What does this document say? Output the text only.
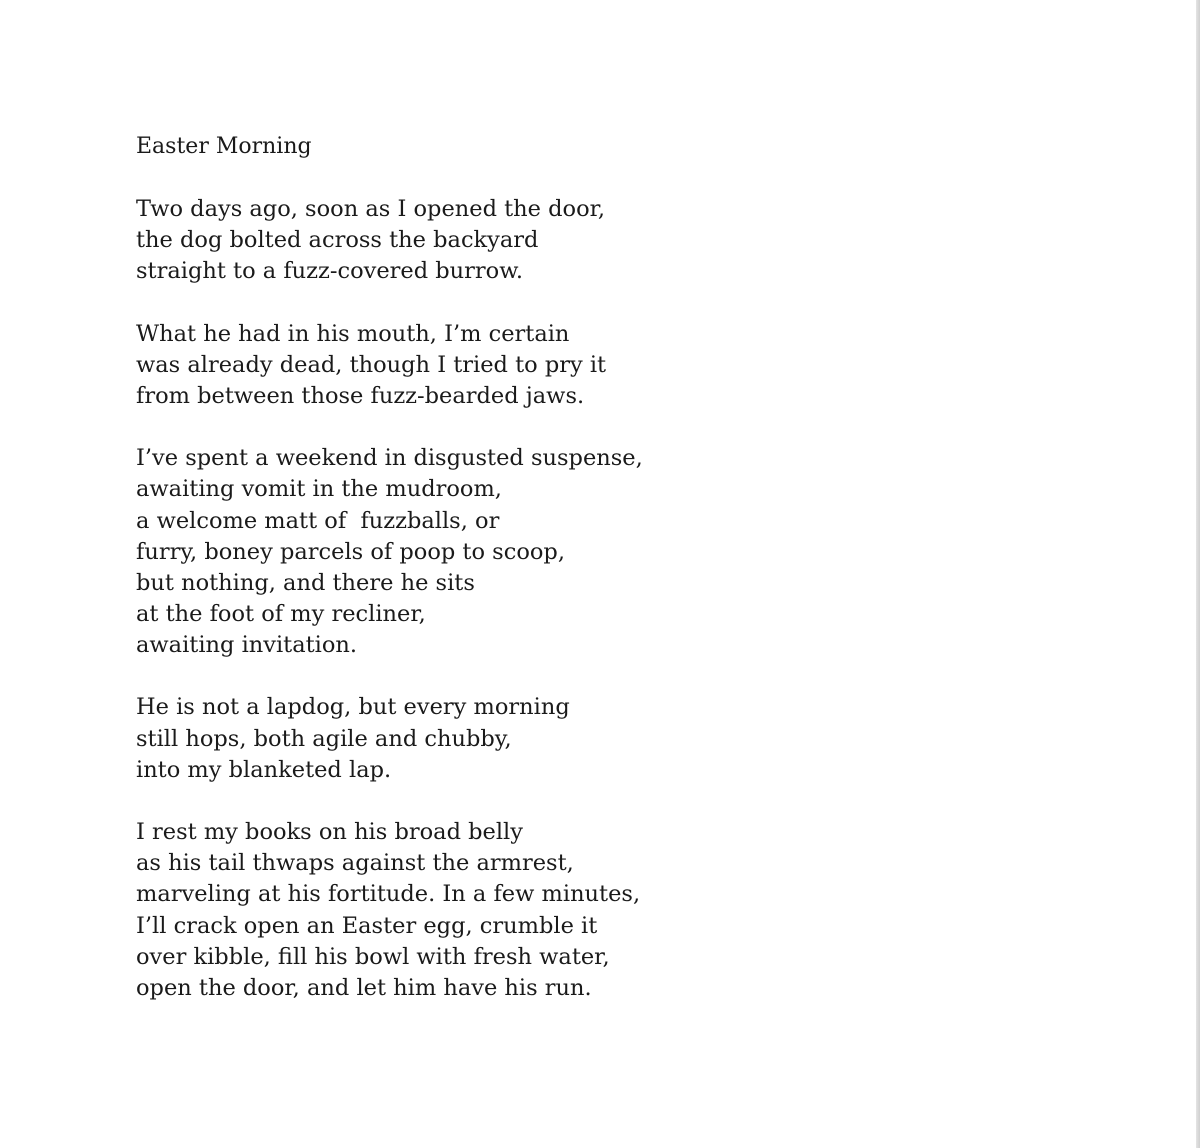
Easter Morning
Two days ago, soon as I opened the door,
the dog bolted across the backyard
straight to a fuzz-covered burrow.
What he had in his mouth, I’m certain
was already dead, though I tried to pry it
from between those fuzz-bearded jaws.
I’ve spent a weekend in disgusted suspense,
awaiting vomit in the mudroom,
a welcome matt of  fuzzballs, or
furry, boney parcels of poop to scoop,
but nothing, and there he sits
at the foot of my recliner,
awaiting invitation.
He is not a lapdog, but every morning
still hops, both agile and chubby,
into my blanketed lap.
I rest my books on his broad belly
as his tail thwaps against the armrest,
marveling at his fortitude. In a few minutes,
I’ll crack open an Easter egg, crumble it
over kibble, fill his bowl with fresh water,
open the door, and let him have his run.
